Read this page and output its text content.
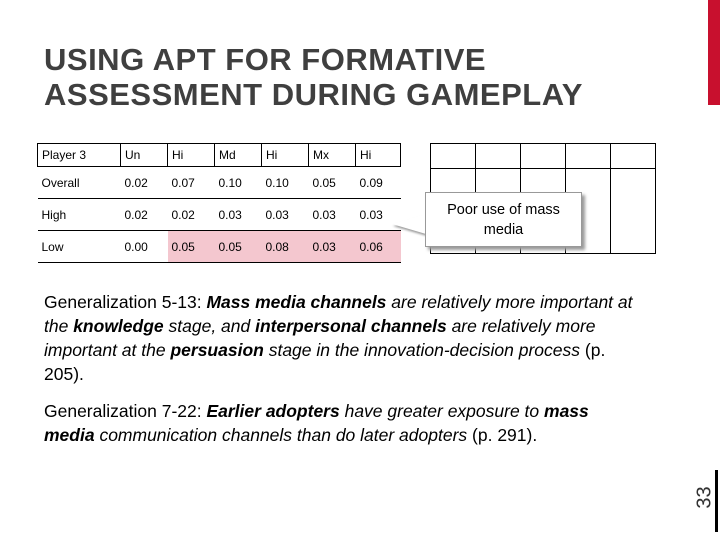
USING APT FOR FORMATIVE ASSESSMENT DURING GAMEPLAY
Player 3	Un	Hi	Md	Hi	Mx	Hi
Overall	0.02	0.07	0.10	0.10	0.05	0.09
High	0.02	0.02	0.03	0.03	0.03	0.03
Low	0.00	0.05	0.05	0.08	0.03	0.06

Poor use of mass media
Generalization 5-13: Mass media channels are relatively more important at the knowledge stage, and interpersonal channels are relatively more important at the persuasion stage in the innovation-decision process (p. 205).
Generalization 7-22: Earlier adopters have greater exposure to mass media communication channels than do later adopters (p. 291).
33
